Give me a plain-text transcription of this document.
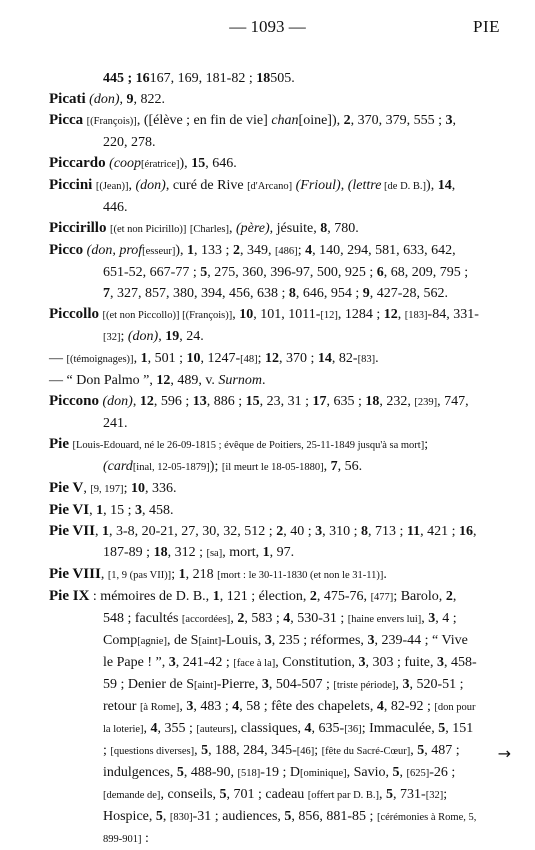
— 1093 —	PIE

445 ; 16167, 169, 181-82 ; 18505.

Picati (don), 9, 822.

Picca [(François)], ([élève ; en fin de vie] chan[oine]), 2, 370, 379, 555 ; 3, 220, 278.

Piccardo (coop[ératrice]), 15, 646.

Piccini [(Jean)], (don), curé de Rive [d'Arcano] (Frioul), (lettre [de D. B.]), 14, 446.

Piccirillo [(et non Picirillo)] [Charles], (père), jésuite, 8, 780.

Picco (don, prof[esseur]), 1, 133 ; 2, 349, [486]; 4, 140, 294, 581, 633, 642, 651-52, 667-77 ; 5, 275, 360, 396-97, 500, 925 ; 6, 68, 209, 795 ; 7, 327, 857, 380, 394, 456, 638 ; 8, 646, 954 ; 9, 427-28, 562.

Piccollo [(et non Piccollo)] [(François)], 10, 101, 1011-[12], 1284 ; 12, [183]-84, 331-[32]; (don), 19, 24.

— [(témoignages)], 1, 501 ; 10, 1247-[48]; 12, 370 ; 14, 82-[83].

— “ Don Palmo ”, 12, 489, v. Surnom.

Piccono (don), 12, 596 ; 13, 886 ; 15, 23, 31 ; 17, 635 ; 18, 232, [239], 747, 241.

Pie [Louis-Edouard, né le 26-09-1815 ; évêque de Poitiers, 25-11-1849 jusqu'à sa mort]; (card[inal, 12-05-1879]); [il meurt le 18-05-1880], 7, 56.

Pie V, [9, 197]; 10, 336.

Pie VI, 1, 15 ; 3, 458.

Pie VII, 1, 3-8, 20-21, 27, 30, 32, 512 ; 2, 40 ; 3, 310 ; 8, 713 ; 11, 421 ; 16, 187-89 ; 18, 312 ; [sa], mort, 1, 97.

Pie VIII, [1, 9 (pas VII)]; 1, 218 [mort : le 30-11-1830 (et non le 31-11)].

Pie IX : mémoires de D. B., 1, 121 ; élection, 2, 475-76, [477]; Barolo, 2, 548 ; facultés [accordées], 2, 583 ; 4, 530-31 ; [haine envers lui], 3, 4 ; Comp[agnie], de S[aint]-Louis, 3, 235 ; réformes, 3, 239-44 ; “ Vive le Pape ! ”, 3, 241-42 ; [face à la], Constitution, 3, 303 ; fuite, 3, 458-59 ; Denier de S[aint]-Pierre, 3, 504-507 ; [triste période], 3, 520-51 ; retour [à Rome], 3, 483 ; 4, 58 ; fête des chapelets, 4, 82-92 ; [don pour la loterie], 4, 355 ; [auteurs], classiques, 4, 635-[36]; Immaculée, 5, 151 ; [questions diverses], 5, 188, 284, 345-[46]; [fête du Sacré-Cœur], 5, 487 ; indulgences, 5, 488-90, [518]-19 ; D[ominique], Savio, 5, [625]-26 ; [demande de], conseils, 5, 701 ; cadeau [offert par D. B.], 5, 731-[32]; Hospice, 5, [830]-31 ; audiences, 5, 856, 881-85 ; [cérémonies à Rome, 5, 899-901] :

→
